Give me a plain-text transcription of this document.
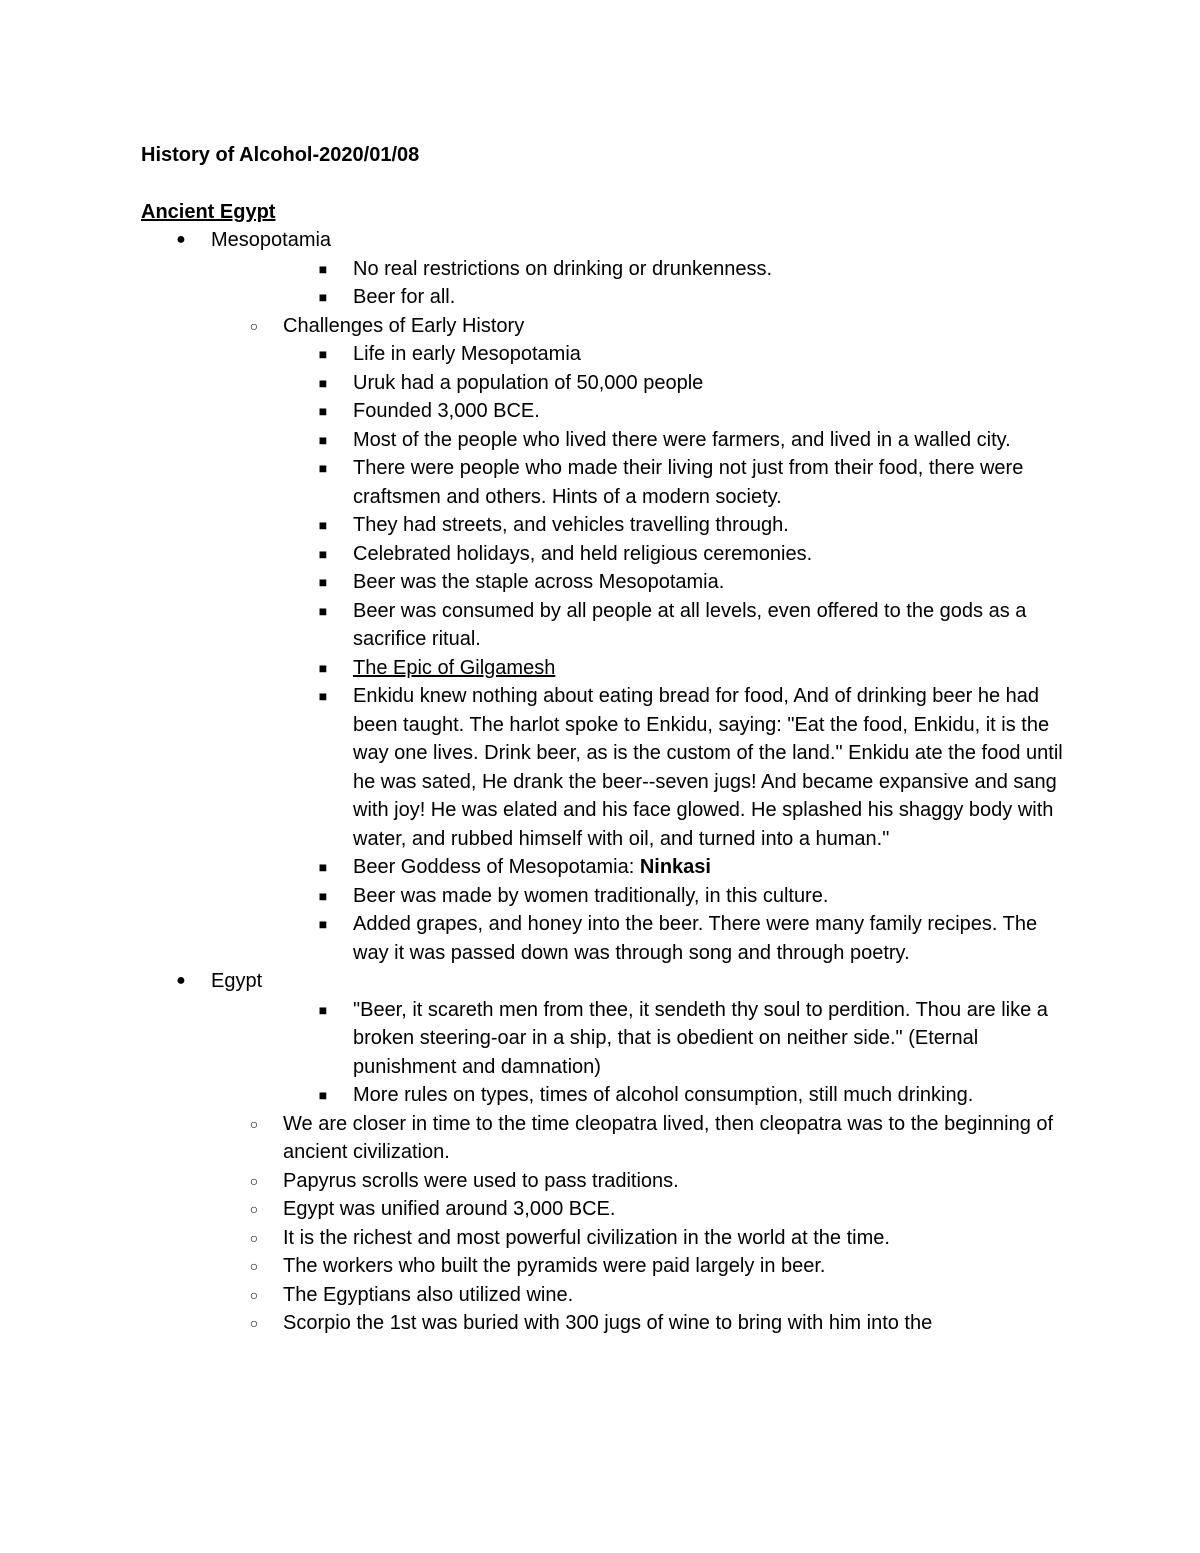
History of Alcohol-2020/01/08
Ancient Egypt
● Mesopotamia
■ No real restrictions on drinking or drunkenness.
■ Beer for all.
○ Challenges of Early History
■ Life in early Mesopotamia
■ Uruk had a population of 50,000 people
■ Founded 3,000 BCE.
■ Most of the people who lived there were farmers, and lived in a walled city.
■ There were people who made their living not just from their food, there were craftsmen and others. Hints of a modern society.
■ They had streets, and vehicles travelling through.
■ Celebrated holidays, and held religious ceremonies.
■ Beer was the staple across Mesopotamia.
■ Beer was consumed by all people at all levels, even offered to the gods as a sacrifice ritual.
■ The Epic of Gilgamesh
■ Enkidu knew nothing about eating bread for food, And of drinking beer he had been taught. The harlot spoke to Enkidu, saying: "Eat the food, Enkidu, it is the way one lives. Drink beer, as is the custom of the land." Enkidu ate the food until he was sated, He drank the beer--seven jugs! And became expansive and sang with joy! He was elated and his face glowed. He splashed his shaggy body with water, and rubbed himself with oil, and turned into a human."
■ Beer Goddess of Mesopotamia: Ninkasi
■ Beer was made by women traditionally, in this culture.
■ Added grapes, and honey into the beer. There were many family recipes. The way it was passed down was through song and through poetry.
● Egypt
■ "Beer, it scareth men from thee, it sendeth thy soul to perdition. Thou are like a broken steering-oar in a ship, that is obedient on neither side." (Eternal punishment and damnation)
■ More rules on types, times of alcohol consumption, still much drinking.
○ We are closer in time to the time cleopatra lived, then cleopatra was to the beginning of ancient civilization.
○ Papyrus scrolls were used to pass traditions.
○ Egypt was unified around 3,000 BCE.
○ It is the richest and most powerful civilization in the world at the time.
○ The workers who built the pyramids were paid largely in beer.
○ The Egyptians also utilized wine.
○ Scorpio the 1st was buried with 300 jugs of wine to bring with him into the
